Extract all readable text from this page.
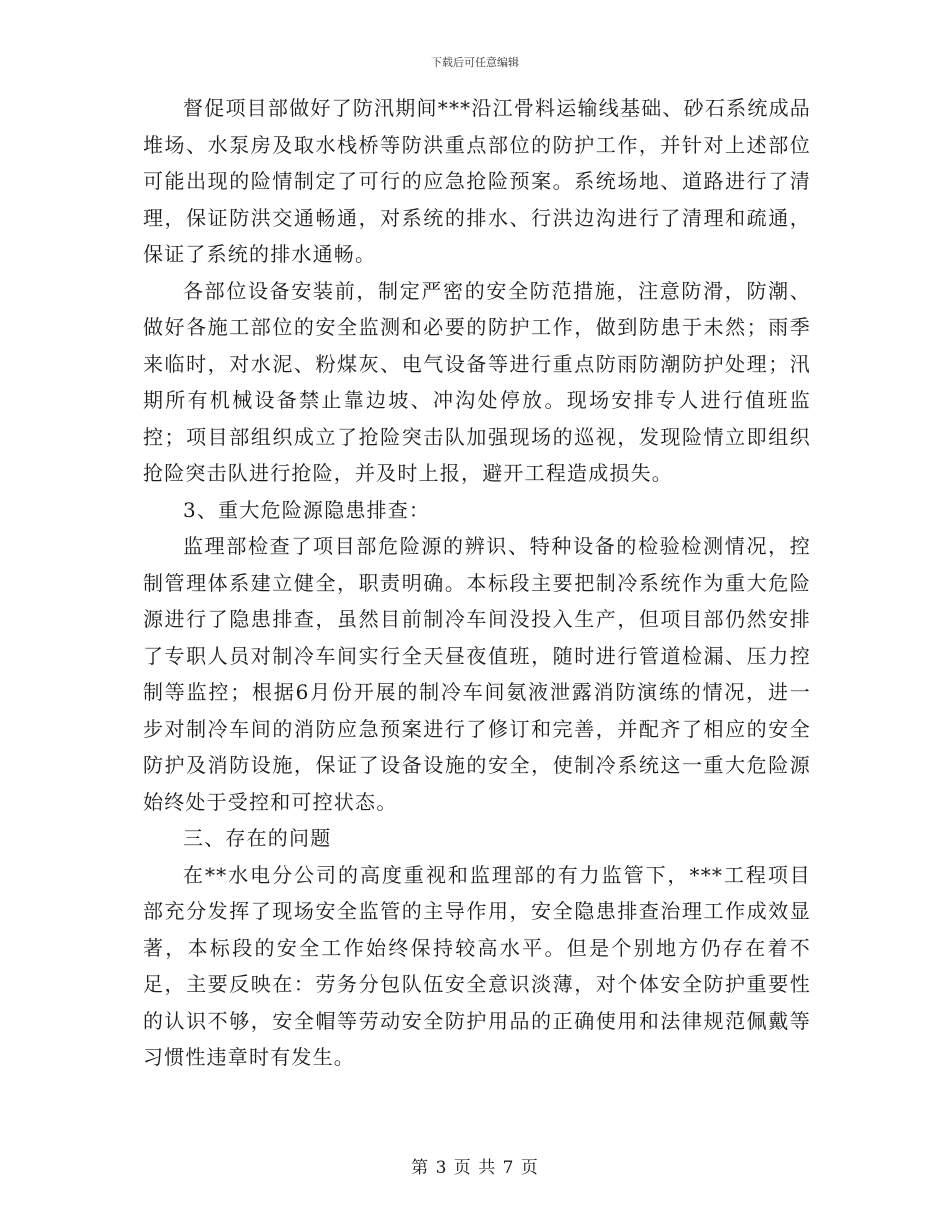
下载后可任意编辑

督促项目部做好了防汛期间***沿江骨料运输线基础、砂石系统成品堆场、水泵房及取水栈桥等防洪重点部位的防护工作，并针对上述部位可能出现的险情制定了可行的应急抢险预案。系统场地、道路进行了清理，保证防洪交通畅通，对系统的排水、行洪边沟进行了清理和疏通，保证了系统的排水通畅。

各部位设备安装前，制定严密的安全防范措施，注意防滑，防潮、做好各施工部位的安全监测和必要的防护工作，做到防患于未然；雨季来临时，对水泥、粉煤灰、电气设备等进行重点防雨防潮防护处理；汛期所有机械设备禁止靠边坡、冲沟处停放。现场安排专人进行值班监控；项目部组织成立了抢险突击队加强现场的巡视，发现险情立即组织抢险突击队进行抢险，并及时上报，避开工程造成损失。

3、重大危险源隐患排查：

监理部检查了项目部危险源的辨识、特种设备的检验检测情况，控制管理体系建立健全，职责明确。本标段主要把制冷系统作为重大危险源进行了隐患排查，虽然目前制冷车间没投入生产，但项目部仍然安排了专职人员对制冷车间实行全天昼夜值班，随时进行管道检漏、压力控制等监控；根据6月份开展的制冷车间氨液泄露消防演练的情况，进一步对制冷车间的消防应急预案进行了修订和完善，并配齐了相应的安全防护及消防设施，保证了设备设施的安全，使制冷系统这一重大危险源始终处于受控和可控状态。

三、存在的问题

在**水电分公司的高度重视和监理部的有力监管下，***工程项目部充分发挥了现场安全监管的主导作用，安全隐患排查治理工作成效显著，本标段的安全工作始终保持较高水平。但是个别地方仍存在着不足，主要反映在：劳务分包队伍安全意识淡薄，对个体安全防护重要性的认识不够，安全帽等劳动安全防护用品的正确使用和法律规范佩戴等习惯性违章时有发生。

第 3 页 共 7 页
